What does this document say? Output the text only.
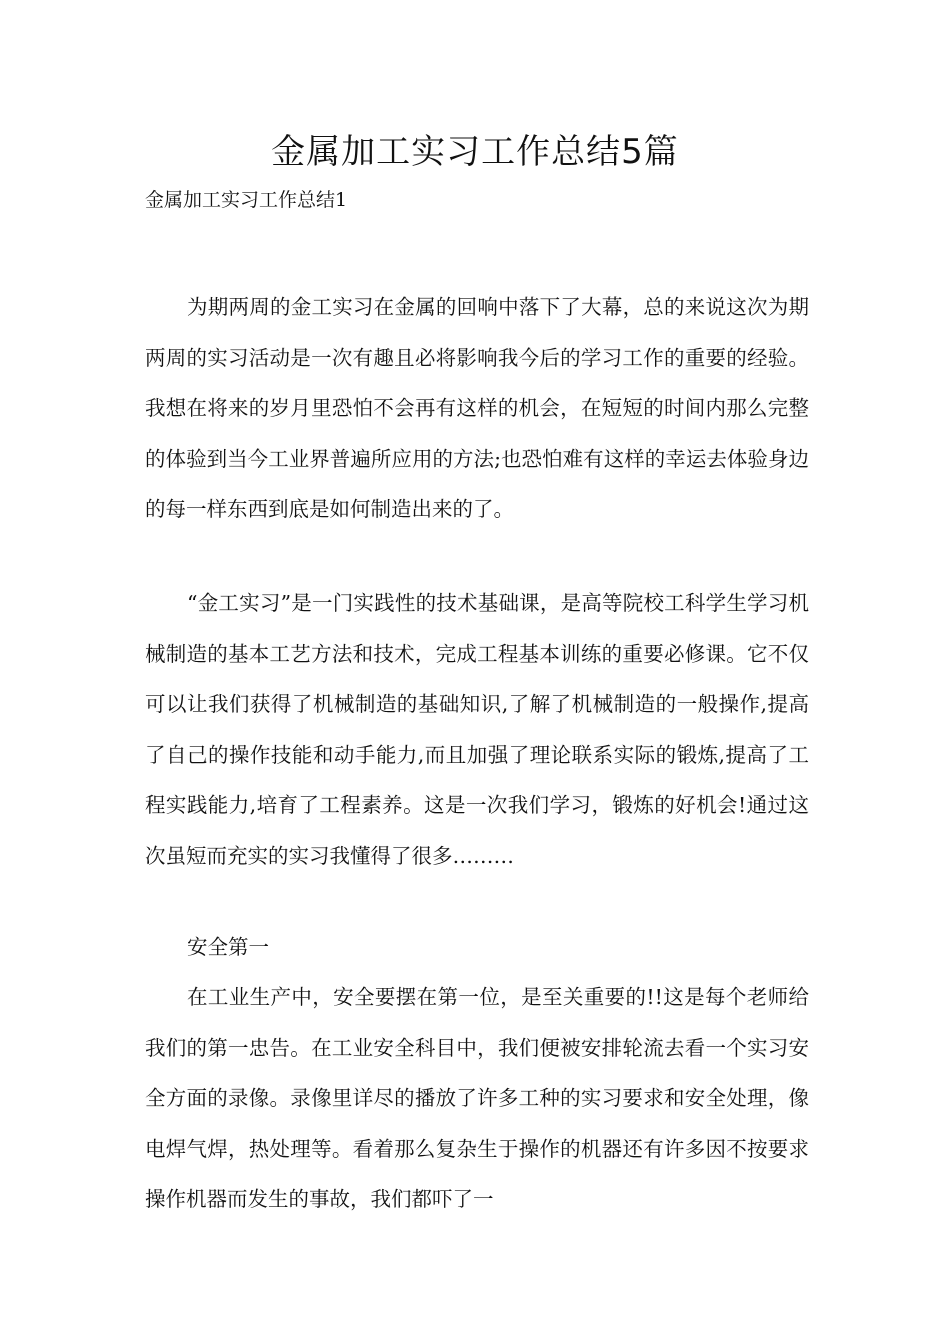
金属加工实习工作总结5篇
金属加工实习工作总结1

为期两周的金工实习在金属的回响中落下了大幕，总的来说这次为期两周的实习活动是一次有趣且必将影响我今后的学习工作的重要的经验。我想在将来的岁月里恐怕不会再有这样的机会，在短短的时间内那么完整的体验到当今工业界普遍所应用的方法;也恐怕难有这样的幸运去体验身边的每一样东西到底是如何制造出来的了。

“金工实习”是一门实践性的技术基础课，是高等院校工科学生学习机械制造的基本工艺方法和技术，完成工程基本训练的重要必修课。它不仅可以让我们获得了机械制造的基础知识,了解了机械制造的一般操作,提高了自己的操作技能和动手能力,而且加强了理论联系实际的锻炼,提高了工程实践能力,培育了工程素养。这是一次我们学习，锻炼的好机会!通过这次虽短而充实的实习我懂得了很多………

安全第一

在工业生产中，安全要摆在第一位，是至关重要的!!这是每个老师给我们的第一忠告。在工业安全科目中，我们便被安排轮流去看一个实习安全方面的录像。录像里详尽的播放了许多工种的实习要求和安全处理，像电焊气焊，热处理等。看着那么复杂生于操作的机器还有许多因不按要求操作机器而发生的事故，我们都吓了一
